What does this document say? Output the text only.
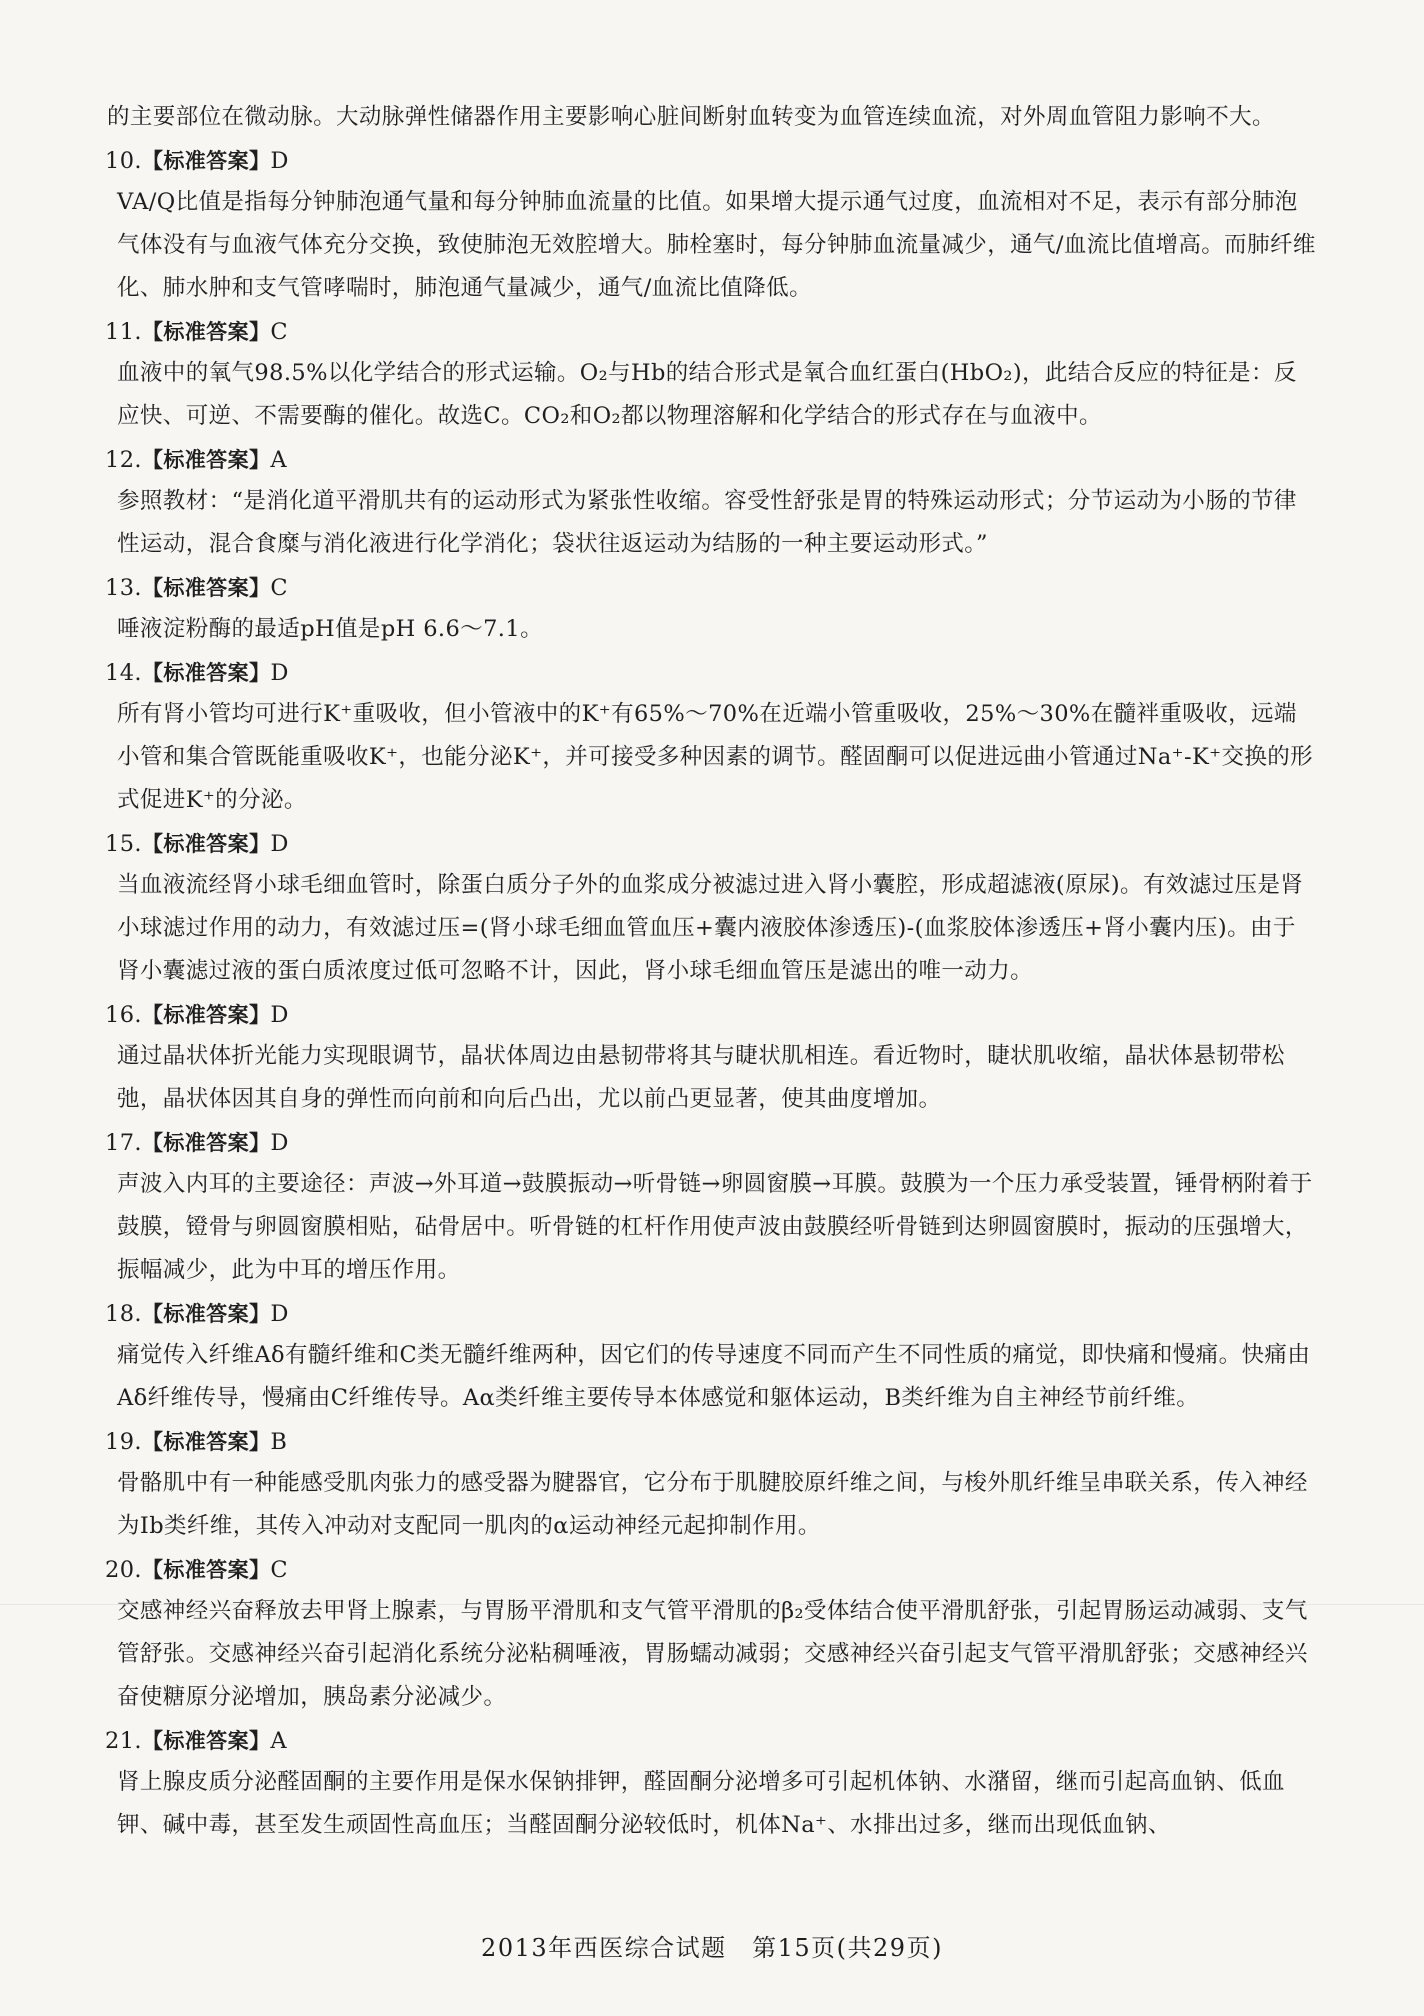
的主要部位在微动脉。大动脉弹性储器作用主要影响心脏间断射血转变为血管连续血流，对外周血管阻力影响不大。

10.【标准答案】D

VA/Q比值是指每分钟肺泡通气量和每分钟肺血流量的比值。如果增大提示通气过度，血流相对不足，表示有部分肺泡气体没有与血液气体充分交换，致使肺泡无效腔增大。肺栓塞时，每分钟肺血流量减少，通气/血流比值增高。而肺纤维化、肺水肿和支气管哮喘时，肺泡通气量减少，通气/血流比值降低。

11.【标准答案】C

血液中的氧气98.5%以化学结合的形式运输。O₂与Hb的结合形式是氧合血红蛋白(HbO₂)，此结合反应的特征是：反应快、可逆、不需要酶的催化。故选C。CO₂和O₂都以物理溶解和化学结合的形式存在与血液中。

12.【标准答案】A

参照教材：“是消化道平滑肌共有的运动形式为紧张性收缩。容受性舒张是胃的特殊运动形式；分节运动为小肠的节律性运动，混合食糜与消化液进行化学消化；袋状往返运动为结肠的一种主要运动形式。”

13.【标准答案】C

唾液淀粉酶的最适pH值是pH 6.6～7.1。

14.【标准答案】D

所有肾小管均可进行K⁺重吸收，但小管液中的K⁺有65%～70%在近端小管重吸收，25%～30%在髓袢重吸收，远端小管和集合管既能重吸收K⁺，也能分泌K⁺，并可接受多种因素的调节。醛固酮可以促进远曲小管通过Na⁺-K⁺交换的形式促进K⁺的分泌。

15.【标准答案】D

当血液流经肾小球毛细血管时，除蛋白质分子外的血浆成分被滤过进入肾小囊腔，形成超滤液(原尿)。有效滤过压是肾小球滤过作用的动力，有效滤过压=(肾小球毛细血管血压+囊内液胶体渗透压)-(血浆胶体渗透压+肾小囊内压)。由于肾小囊滤过液的蛋白质浓度过低可忽略不计，因此，肾小球毛细血管压是滤出的唯一动力。

16.【标准答案】D

通过晶状体折光能力实现眼调节，晶状体周边由悬韧带将其与睫状肌相连。看近物时，睫状肌收缩，晶状体悬韧带松弛，晶状体因其自身的弹性而向前和向后凸出，尤以前凸更显著，使其曲度增加。

17.【标准答案】D

声波入内耳的主要途径：声波→外耳道→鼓膜振动→听骨链→卵圆窗膜→耳膜。鼓膜为一个压力承受装置，锤骨柄附着于鼓膜，镫骨与卵圆窗膜相贴，砧骨居中。听骨链的杠杆作用使声波由鼓膜经听骨链到达卵圆窗膜时，振动的压强增大，振幅减少，此为中耳的增压作用。

18.【标准答案】D

痛觉传入纤维Aδ有髓纤维和C类无髓纤维两种，因它们的传导速度不同而产生不同性质的痛觉，即快痛和慢痛。快痛由Aδ纤维传导，慢痛由C纤维传导。Aα类纤维主要传导本体感觉和躯体运动，B类纤维为自主神经节前纤维。

19.【标准答案】B

骨骼肌中有一种能感受肌肉张力的感受器为腱器官，它分布于肌腱胶原纤维之间，与梭外肌纤维呈串联关系，传入神经为Ib类纤维，其传入冲动对支配同一肌肉的α运动神经元起抑制作用。

20.【标准答案】C

交感神经兴奋释放去甲肾上腺素，与胃肠平滑肌和支气管平滑肌的β₂受体结合使平滑肌舒张，引起胃肠运动减弱、支气管舒张。交感神经兴奋引起消化系统分泌粘稠唾液，胃肠蠕动减弱；交感神经兴奋引起支气管平滑肌舒张；交感神经兴奋使糖原分泌增加，胰岛素分泌减少。

21.【标准答案】A

肾上腺皮质分泌醛固酮的主要作用是保水保钠排钾，醛固酮分泌增多可引起机体钠、水潴留，继而引起高血钠、低血钾、碱中毒，甚至发生顽固性高血压；当醛固酮分泌较低时，机体Na⁺、水排出过多，继而出现低血钠、

2013年西医综合试题　第15页(共29页)
